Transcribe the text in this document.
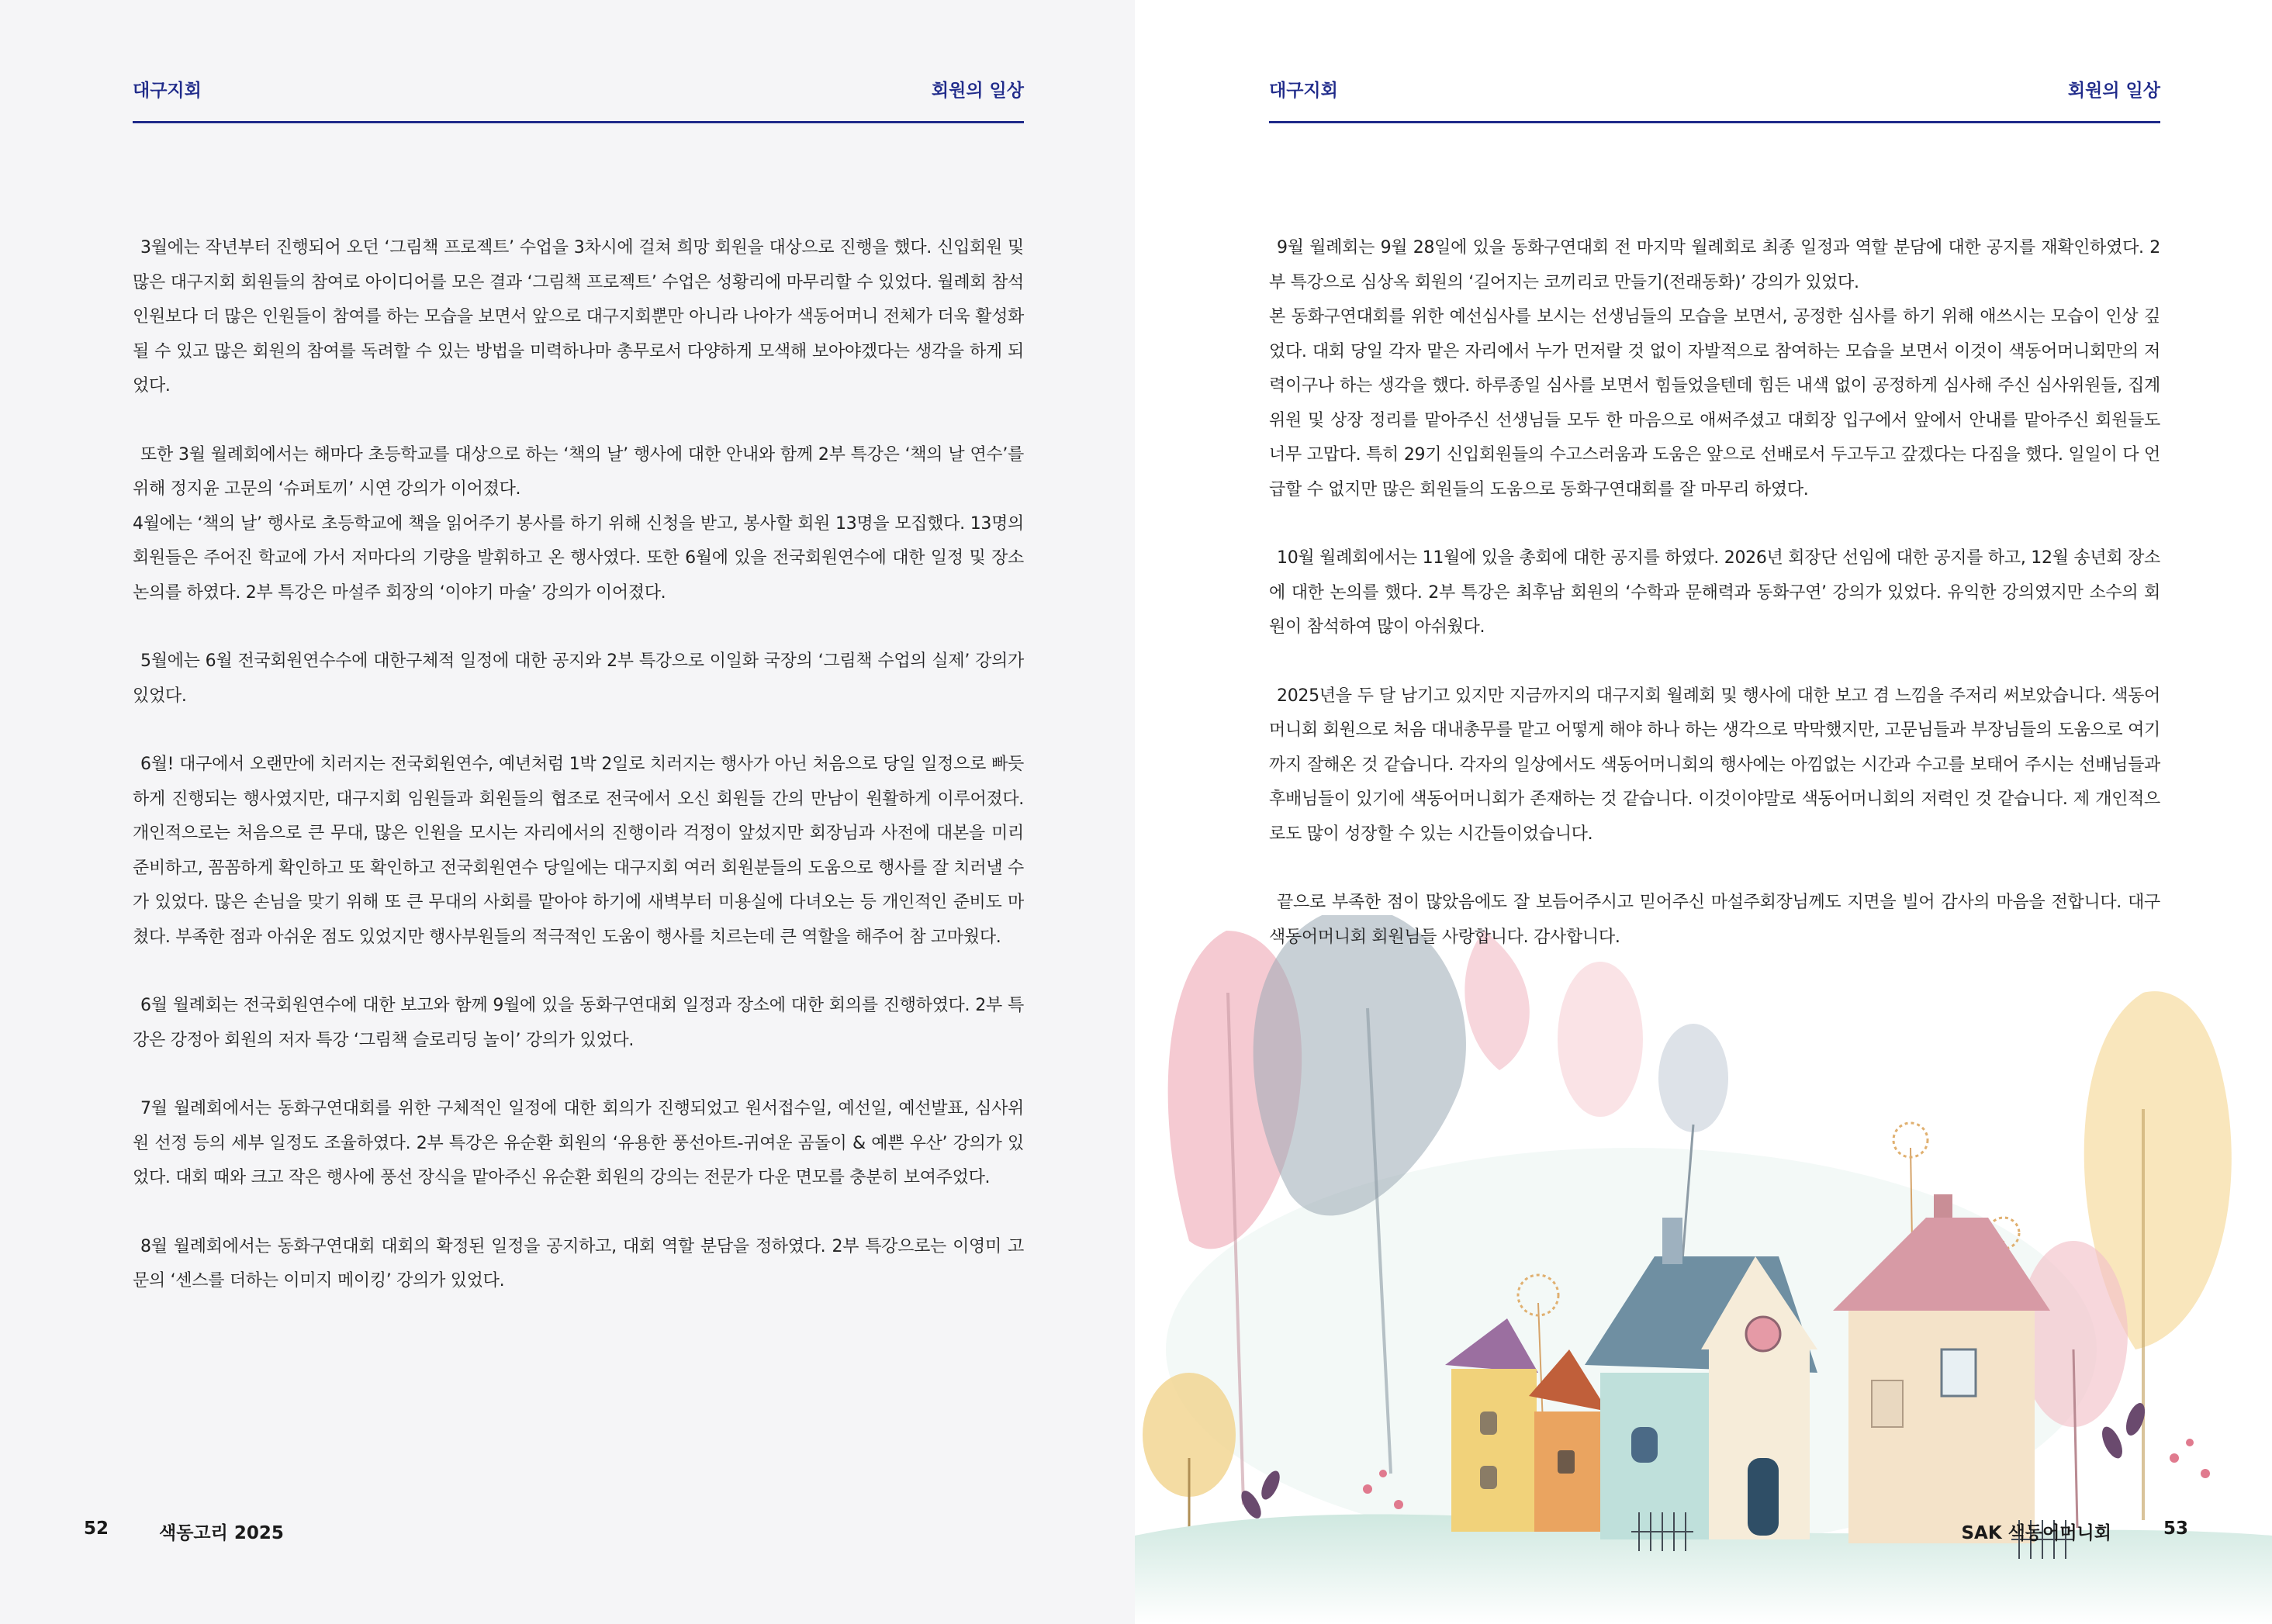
대구지회	회원의 일상

3월에는 작년부터 진행되어 오던 ‘그림책 프로젝트’ 수업을 3차시에 걸쳐 희망 회원을 대상으로 진행을 했다. 신입회원 및 많은 대구지회 회원들의 참여로 아이디어를 모은 결과 ‘그림책 프로젝트’ 수업은 성황리에 마무리할 수 있었다. 월례회 참석인원보다 더 많은 인원들이 참여를 하는 모습을 보면서 앞으로 대구지회뿐만 아니라 나아가 색동어머니 전체가 더욱 활성화 될 수 있고 많은 회원의 참여를 독려할 수 있는 방법을 미력하나마 총무로서 다양하게 모색해 보아야겠다는 생각을 하게 되었다.

또한 3월 월례회에서는 해마다 초등학교를 대상으로 하는 ‘책의 날’ 행사에 대한 안내와 함께 2부 특강은 ‘책의 날 연수’를 위해 정지윤 고문의 ‘슈퍼토끼’ 시연 강의가 이어졌다.
4월에는 ‘책의 날’ 행사로 초등학교에 책을 읽어주기 봉사를 하기 위해 신청을 받고, 봉사할 회원 13명을 모집했다. 13명의 회원들은 주어진 학교에 가서 저마다의 기량을 발휘하고 온 행사였다. 또한 6월에 있을 전국회원연수에 대한 일정 및 장소 논의를 하였다. 2부 특강은 마설주 회장의 ‘이야기 마술’ 강의가 이어졌다.

5월에는 6월 전국회원연수수에 대한구체적 일정에 대한 공지와 2부 특강으로 이일화 국장의 ‘그림책 수업의 실제’ 강의가 있었다.

6월! 대구에서 오랜만에 치러지는 전국회원연수, 예년처럼 1박 2일로 치러지는 행사가 아닌 처음으로 당일 일정으로 빠듯하게 진행되는 행사였지만, 대구지회 임원들과 회원들의 협조로 전국에서 오신 회원들 간의 만남이 원활하게 이루어졌다. 개인적으로는 처음으로 큰 무대, 많은 인원을 모시는 자리에서의 진행이라 걱정이 앞섰지만 회장님과 사전에 대본을 미리 준비하고, 꼼꼼하게 확인하고 또 확인하고 전국회원연수 당일에는 대구지회 여러 회원분들의 도움으로 행사를 잘 치러낼 수가 있었다. 많은 손님을 맞기 위해 또 큰 무대의 사회를 맡아야 하기에 새벽부터 미용실에 다녀오는 등 개인적인 준비도 마쳤다. 부족한 점과 아쉬운 점도 있었지만 행사부원들의 적극적인 도움이 행사를 치르는데 큰 역할을 해주어 참 고마웠다.

6월 월례회는 전국회원연수에 대한 보고와 함께 9월에 있을 동화구연대회 일정과 장소에 대한 회의를 진행하였다. 2부 특강은 강정아 회원의 저자 특강 ‘그림책 슬로리딩 놀이’ 강의가 있었다.

7월 월례회에서는 동화구연대회를 위한 구체적인 일정에 대한 회의가 진행되었고 원서접수일, 예선일, 예선발표, 심사위원 선정 등의 세부 일정도 조율하였다. 2부 특강은 유순환 회원의 ‘유용한 풍선아트-귀여운 곰돌이 & 예쁜 우산’ 강의가 있었다. 대회 때와 크고 작은 행사에 풍선 장식을 맡아주신 유순환 회원의 강의는 전문가 다운 면모를 충분히 보여주었다.

8월 월례회에서는 동화구연대회 대회의 확정된 일정을 공지하고, 대회 역할 분담을 정하였다. 2부 특강으로는 이영미 고문의 ‘센스를 더하는 이미지 메이킹’ 강의가 있었다.

52	색동고리 2025
대구지회	회원의 일상

9월 월례회는 9월 28일에 있을 동화구연대회 전 마지막 월례회로 최종 일정과 역할 분담에 대한 공지를 재확인하였다. 2부 특강으로 심상옥 회원의 ‘길어지는 코끼리코 만들기(전래동화)’ 강의가 있었다.
본 동화구연대회를 위한 예선심사를 보시는 선생님들의 모습을 보면서, 공정한 심사를 하기 위해 애쓰시는 모습이 인상 깊었다. 대회 당일 각자 맡은 자리에서 누가 먼저랄 것 없이 자발적으로 참여하는 모습을 보면서 이것이 색동어머니회만의 저력이구나 하는 생각을 했다. 하루종일 심사를 보면서 힘들었을텐데 힘든 내색 없이 공정하게 심사해 주신 심사위원들, 집계 위원 및 상장 정리를 맡아주신 선생님들 모두 한 마음으로 애써주셨고 대회장 입구에서 앞에서 안내를 맡아주신 회원들도 너무 고맙다. 특히 29기 신입회원들의 수고스러움과 도움은 앞으로 선배로서 두고두고 갚겠다는 다짐을 했다. 일일이 다 언급할 수 없지만 많은 회원들의 도움으로 동화구연대회를 잘 마무리 하였다.

10월 월례회에서는 11월에 있을 총회에 대한 공지를 하였다. 2026년 회장단 선임에 대한 공지를 하고, 12월 송년회 장소에 대한 논의를 했다. 2부 특강은 최후남 회원의 ‘수학과 문해력과 동화구연’ 강의가 있었다. 유익한 강의였지만 소수의 회원이 참석하여 많이 아쉬웠다.

2025년을 두 달 남기고 있지만 지금까지의 대구지회 월례회 및 행사에 대한 보고 겸 느낌을 주저리 써보았습니다. 색동어머니회 회원으로 처음 대내총무를 맡고 어떻게 해야 하나 하는 생각으로 막막했지만, 고문님들과 부장님들의 도움으로 여기까지 잘해온 것 같습니다. 각자의 일상에서도 색동어머니회의 행사에는 아낌없는 시간과 수고를 보태어 주시는 선배님들과 후배님들이 있기에 색동어머니회가 존재하는 것 같습니다. 이것이야말로 색동어머니회의 저력인 것 같습니다. 제 개인적으로도 많이 성장할 수 있는 시간들이었습니다.

끝으로 부족한 점이 많았음에도 잘 보듬어주시고 믿어주신 마설주회장님께도 지면을 빌어 감사의 마음을 전합니다. 대구색동어머니회 회원님들 사랑합니다. 감사합니다.

SAK 색동어머니회	53
